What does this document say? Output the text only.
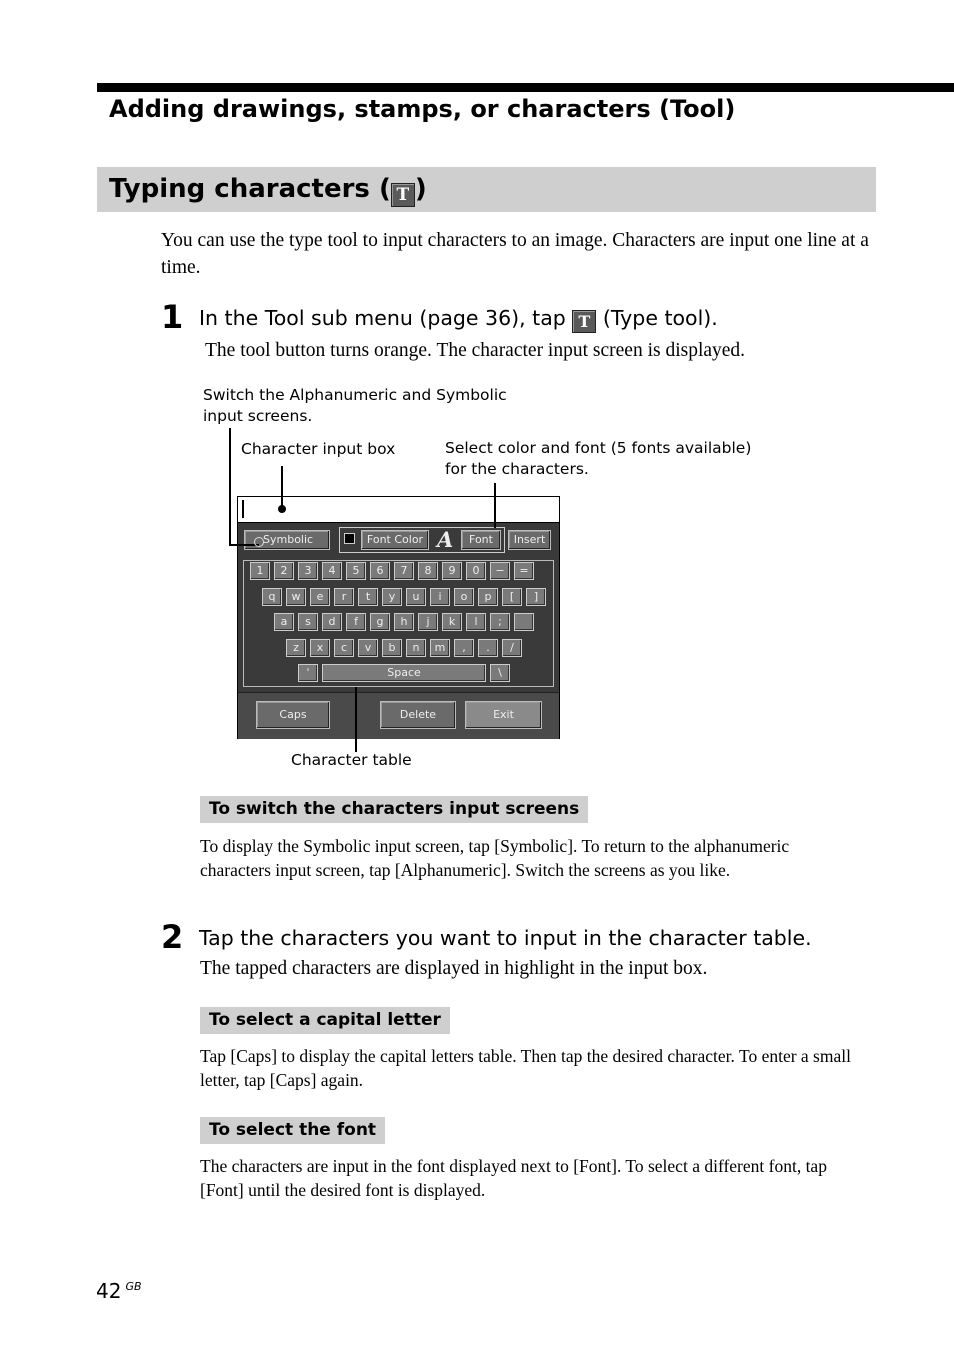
Adding drawings, stamps, or characters (Tool)
Typing characters ( T )
You can use the type tool to input characters to an image. Characters are input one line at a time.
1 In the Tool sub menu (page 36), tap T (Type tool).
The tool button turns orange. The character input screen is displayed.
Switch the Alphanumeric and Symbolic
input screens.
Character input box	Select color and font (5 fonts available)
for the characters.
Symbolic	Font Color A	Font	Insert
1	2	3	4	5	6	7	8	9	0	−	=
q	w	e	r	t	y	u	i	o	p	[	]
a	s	d	f	g	h	j	k	l	;
z	x	c	v	b	n	m	,	.	/
'	Space	\
Caps	Delete	Exit
Character table
To switch the characters input screens
To display the Symbolic input screen, tap [Symbolic]. To return to the alphanumeric characters input screen, tap [Alphanumeric]. Switch the screens as you like.
2 Tap the characters you want to input in the character table.
The tapped characters are displayed in highlight in the input box.
To select a capital letter
Tap [Caps] to display the capital letters table. Then tap the desired character. To enter a small letter, tap [Caps] again.
To select the font
The characters are input in the font displayed next to [Font]. To select a different font, tap [Font] until the desired font is displayed.
42 $^{GB}$
